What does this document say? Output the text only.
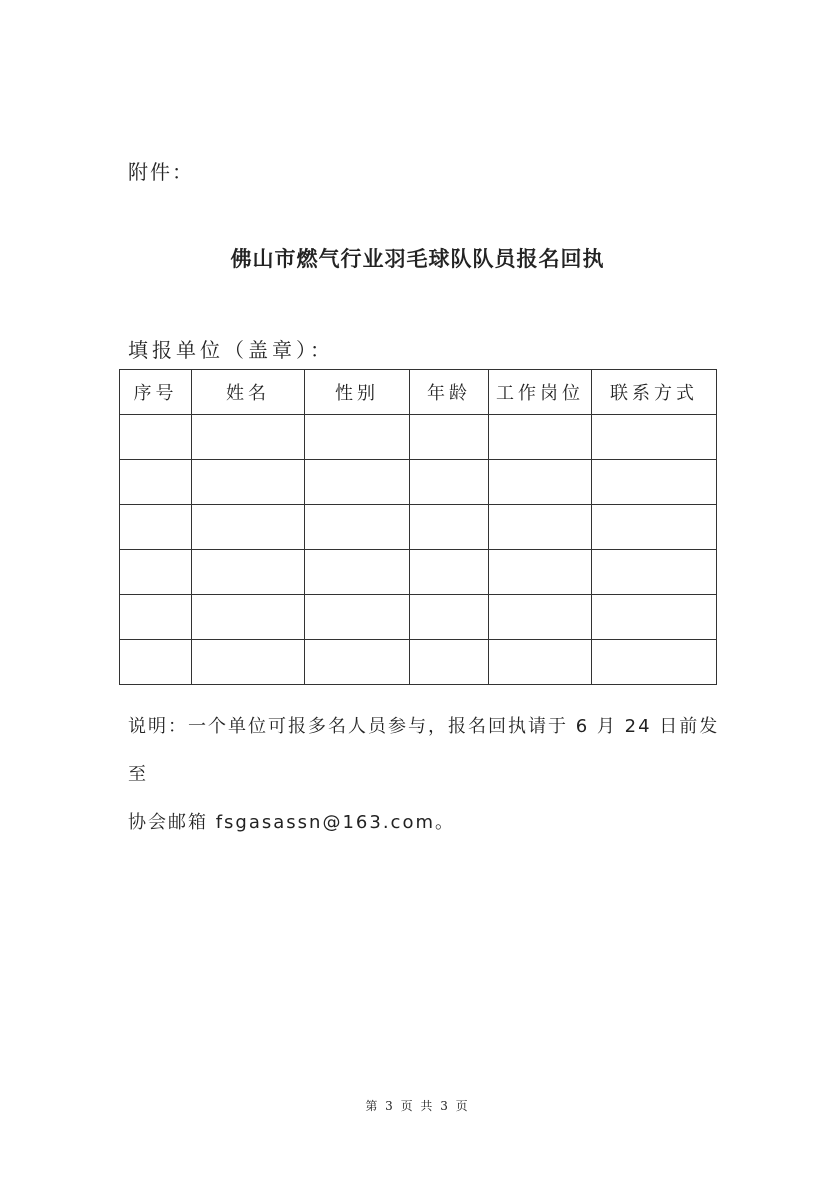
附件：
佛山市燃气行业羽毛球队队员报名回执
填报单位（盖章）：
序号	姓名	性别	年龄	工作岗位	联系方式

说明：一个单位可报多名人员参与，报名回执请于 6 月 24 日前发至
协会邮箱 fsgasassn@163.com。
第 3 页 共 3 页
